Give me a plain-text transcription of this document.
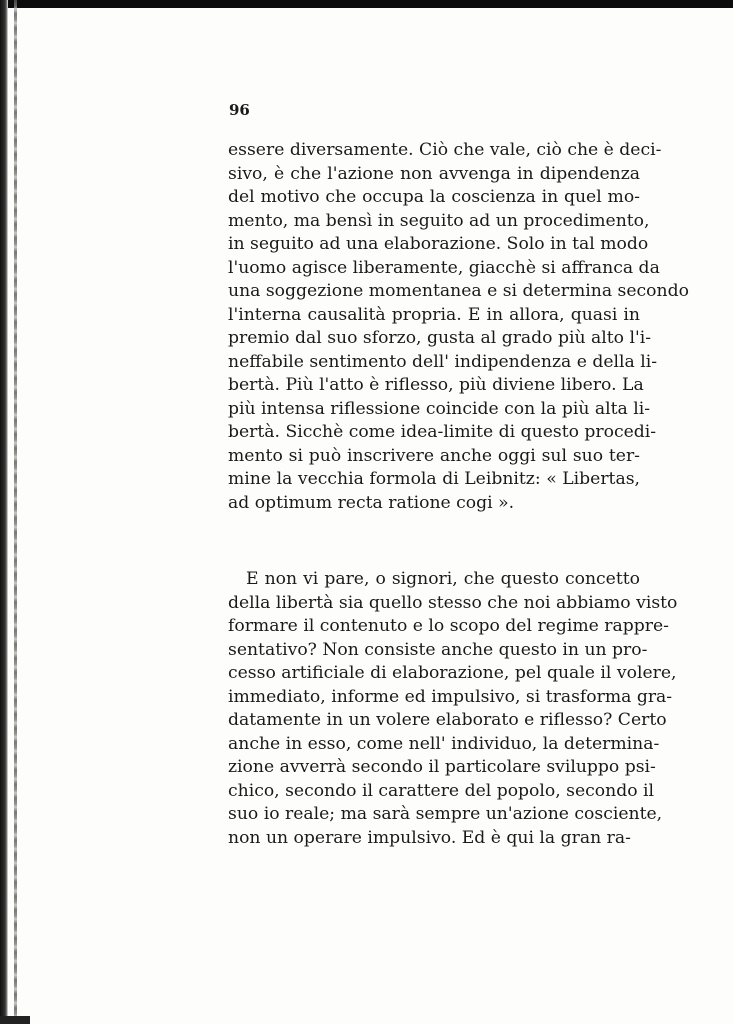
96
essere diversamente. Ciò che vale, ciò che è deci-
sivo, è che l'azione non avvenga in dipendenza
del motivo che occupa la coscienza in quel mo-
mento, ma bensì in seguito ad un procedimento,
in seguito ad una elaborazione. Solo in tal modo
l'uomo agisce liberamente, giacchè si affranca da
una soggezione momentanea e si determina secondo
l'interna causalità propria. E in allora, quasi in
premio dal suo sforzo, gusta al grado più alto l'i-
neffabile sentimento dell' indipendenza e della li-
bertà. Più l'atto è riflesso, più diviene libero. La
più intensa riflessione coincide con la più alta li-
bertà. Sicchè come idea-limite di questo procedi-
mento si può inscrivere anche oggi sul suo ter-
mine la vecchia formola di Leibnitz: « Libertas,
ad optimum recta ratione cogi ».
E non vi pare, o signori, che questo concetto
della libertà sia quello stesso che noi abbiamo visto
formare il contenuto e lo scopo del regime rappre-
sentativo? Non consiste anche questo in un pro-
cesso artificiale di elaborazione, pel quale il volere,
immediato, informe ed impulsivo, si trasforma gra-
datamente in un volere elaborato e riflesso? Certo
anche in esso, come nell' individuo, la determina-
zione avverrà secondo il particolare sviluppo psi-
chico, secondo il carattere del popolo, secondo il
suo io reale; ma sarà sempre un'azione cosciente,
non un operare impulsivo. Ed è qui la gran ra-
